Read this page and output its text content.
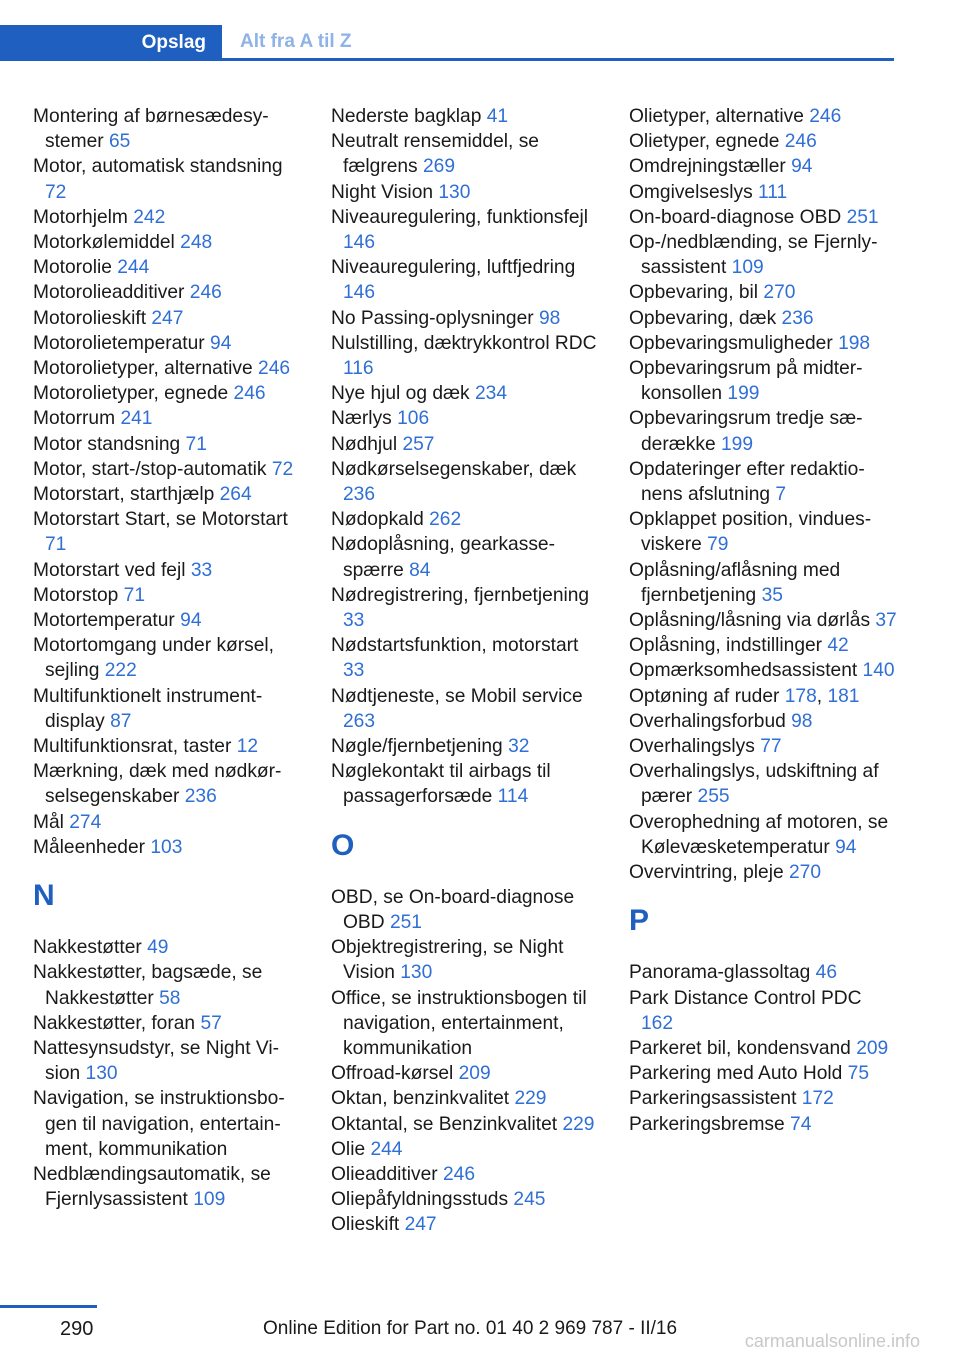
Opslag	Alt fra A til Z

Montering af børnesædesystemer 65

Motor, automatisk standsning 72

Motorhjelm 242

Motorkølemiddel 248

Motorolie 244

Motorolieadditiver 246

Motorolieskift 247

Motorolietemperatur 94

Motorolietyper, alternative 246

Motorolietyper, egnede 246

Motorrum 241

Motor standsning 71

Motor, start-/stop-automatik 72

Motorstart, starthjælp 264

Motorstart Start, se Motorstart 71

Motorstart ved fejl 33

Motorstop 71

Motortemperatur 94

Motortomgang under kørsel, sejling 222

Multifunktionelt instrumentdisplay 87

Multifunktionsrat, taster 12

Mærkning, dæk med nødkørselsegenskaber 236

Mål 274

Måleenheder 103

N

Nakkestøtter 49

Nakkestøtter, bagsæde, se Nakkestøtter 58

Nakkestøtter, foran 57

Nattesynsudstyr, se Night Vision 130

Navigation, se instruktionsbogen til navigation, entertainment, kommunikation

Nedblændingsautomatik, se Fjernlysassistent 109

Nederste bagklap 41

Neutralt rensemiddel, se fælgrens 269

Night Vision 130

Niveauregulering, funktionsfejl 146

Niveauregulering, luftfjedring 146

No Passing-oplysninger 98

Nulstilling, dæktrykkontrol RDC 116

Nye hjul og dæk 234

Nærlys 106

Nødhjul 257

Nødkørselsegenskaber, dæk 236

Nødopkald 262

Nødoplåsning, gearkassespærre 84

Nødregistrering, fjernbetjening 33

Nødstartsfunktion, motorstart 33

Nødtjeneste, se Mobil service 263

Nøgle/fjernbetjening 32

Nøglekontakt til airbags til passagerforsæde 114

O

OBD, se On-board-diagnose OBD 251

Objektregistrering, se Night Vision 130

Office, se instruktionsbogen til navigation, entertainment, kommunikation

Offroad-kørsel 209

Oktan, benzinkvalitet 229

Oktantal, se Benzinkvalitet 229

Olie 244

Olieadditiver 246

Oliepåfyldningsstuds 245

Olieskift 247

Olietyper, alternative 246

Olietyper, egnede 246

Omdrejningstæller 94

Omgivelseslys 111

On-board-diagnose OBD 251

Op-/nedblænding, se Fjernlysassistent 109

Opbevaring, bil 270

Opbevaring, dæk 236

Opbevaringsmuligheder 198

Opbevaringsrum på midterkonsollen 199

Opbevaringsrum tredje sæderække 199

Opdateringer efter redaktionens afslutning 7

Opklappet position, vinduesviskere 79

Oplåsning/aflåsning med fjernbetjening 35

Oplåsning/låsning via dørlås 37

Oplåsning, indstillinger 42

Opmærksomhedsassistent 140

Optøning af ruder 178, 181

Overhalingsforbud 98

Overhalingslys 77

Overhalingslys, udskiftning af pærer 255

Overophedning af motoren, se Kølevæsketemperatur 94

Overvintring, pleje 270

P

Panorama-glassoltag 46

Park Distance Control PDC 162

Parkeret bil, kondensvand 209

Parkering med Auto Hold 75

Parkeringsassistent 172

Parkeringsbremse 74

290	Online Edition for Part no. 01 40 2 969 787 - II/16
carmanualsonline.info
